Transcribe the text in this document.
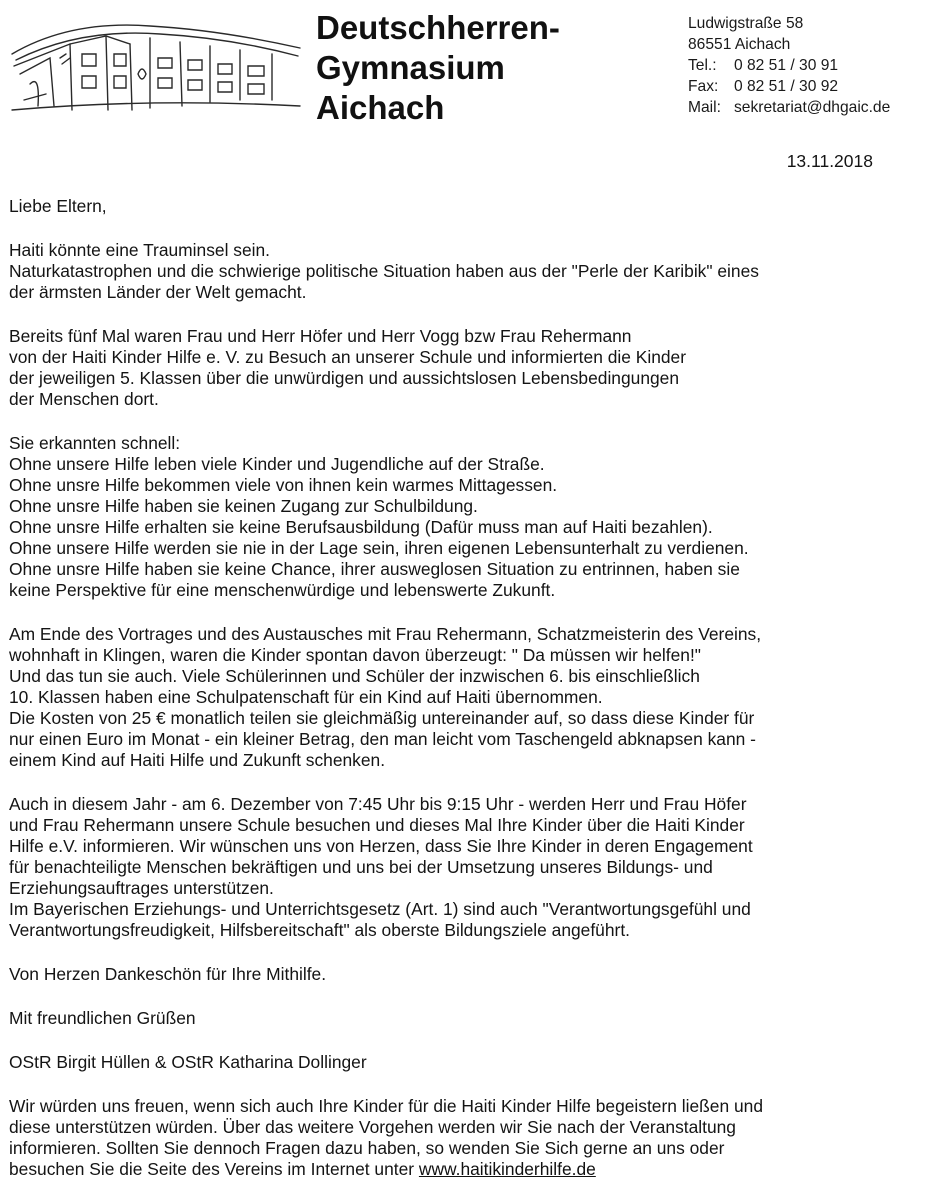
Deutschherren-
Gymnasium
Aichach
Ludwigstraße 58
86551 Aichach
Tel.: 0 82 51 / 30 91
Fax: 0 82 51 / 30 92
Mail: sekretariat@dhgaic.de
13.11.2018

Liebe Eltern,

Haiti könnte eine Trauminsel sein.
Naturkatastrophen und die schwierige politische Situation haben aus der "Perle der Karibik" eines
der ärmsten Länder der Welt gemacht.

Bereits fünf Mal waren Frau und Herr Höfer und Herr Vogg bzw Frau Rehermann
von der Haiti Kinder Hilfe e. V. zu Besuch an unserer Schule und informierten die Kinder
der jeweiligen 5. Klassen über die unwürdigen und aussichtslosen Lebensbedingungen
der Menschen dort.

Sie erkannten schnell:
Ohne unsere Hilfe leben viele Kinder und Jugendliche auf der Straße.
Ohne unsre Hilfe bekommen viele von ihnen kein warmes Mittagessen.
Ohne unsre Hilfe haben sie keinen Zugang zur Schulbildung.
Ohne unsre Hilfe erhalten sie keine Berufsausbildung (Dafür muss man auf Haiti bezahlen).
Ohne unsere Hilfe werden sie nie in der Lage sein, ihren eigenen Lebensunterhalt zu verdienen.
Ohne unsre Hilfe haben sie keine Chance, ihrer ausweglosen Situation zu entrinnen, haben sie
keine Perspektive für eine menschenwürdige und lebenswerte Zukunft.

Am Ende des Vortrages und des Austausches mit Frau Rehermann, Schatzmeisterin des Vereins,
wohnhaft in Klingen, waren die Kinder spontan davon überzeugt: " Da müssen wir helfen!"
Und das tun sie auch. Viele Schülerinnen und Schüler der inzwischen 6. bis einschließlich
10. Klassen haben eine Schulpatenschaft für ein Kind auf Haiti übernommen.
Die Kosten von 25 € monatlich teilen sie gleichmäßig untereinander auf, so dass diese Kinder für
nur einen Euro im Monat - ein kleiner Betrag, den man leicht vom Taschengeld abknapsen kann -
einem Kind auf Haiti Hilfe und Zukunft schenken.

Auch in diesem Jahr - am 6. Dezember von 7:45 Uhr bis 9:15 Uhr - werden Herr und Frau Höfer
und Frau Rehermann unsere Schule besuchen und dieses Mal Ihre Kinder über die Haiti Kinder
Hilfe e.V. informieren. Wir wünschen uns von Herzen, dass Sie Ihre Kinder in deren Engagement
für benachteiligte Menschen bekräftigen und uns bei der Umsetzung unseres Bildungs- und
Erziehungsauftrages unterstützen.
Im Bayerischen Erziehungs- und Unterrichtsgesetz (Art. 1) sind auch "Verantwortungsgefühl und
Verantwortungsfreudigkeit, Hilfsbereitschaft" als oberste Bildungsziele angeführt.

Von Herzen Dankeschön für Ihre Mithilfe.

Mit freundlichen Grüßen

OStR Birgit Hüllen & OStR Katharina Dollinger

Wir würden uns freuen, wenn sich auch Ihre Kinder für die Haiti Kinder Hilfe begeistern ließen und
diese unterstützen würden. Über das weitere Vorgehen werden wir Sie nach der Veranstaltung
informieren. Sollten Sie dennoch Fragen dazu haben, so wenden Sie Sich gerne an uns oder
besuchen Sie die Seite des Vereins im Internet unter www.haitikinderhilfe.de
